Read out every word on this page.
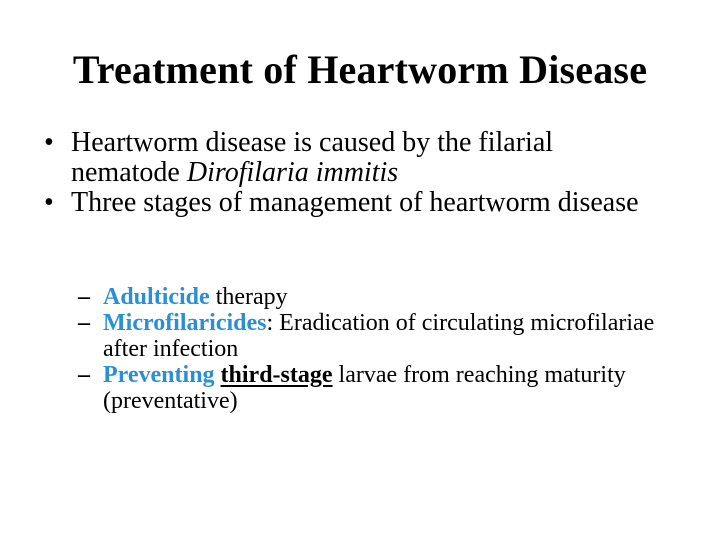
Treatment of Heartworm Disease
• Heartworm disease is caused by the filarial nematode Dirofilaria immitis
• Three stages of management of heartworm disease
– Adulticide therapy
– Microfilaricides: Eradication of circulating microfilariae after infection
– Preventing third-stage larvae from reaching maturity (preventative)
